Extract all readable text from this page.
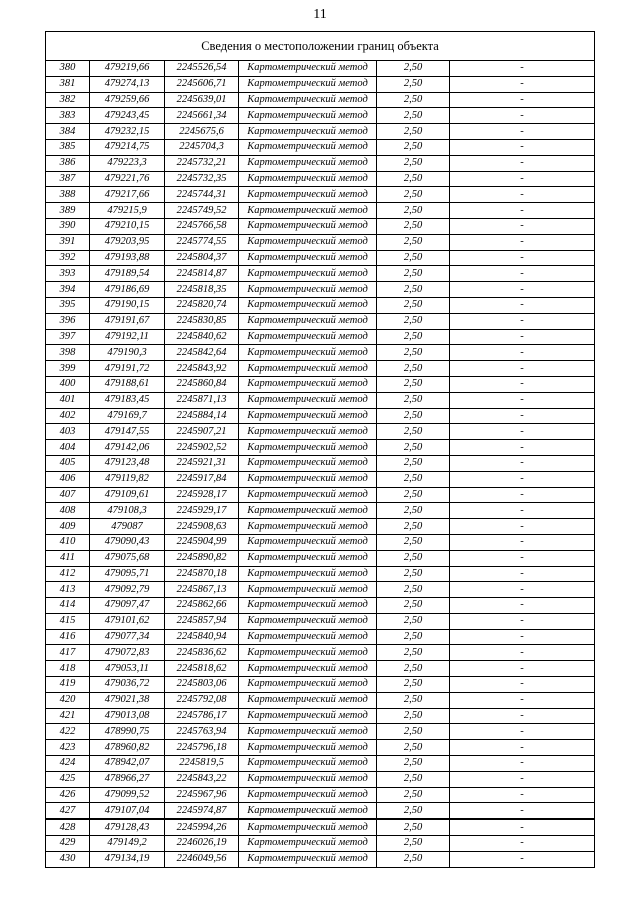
11
Сведения о местоположении границ объекта					
380	479219,66	2245526,54	Картометрический метод	2,50	-
381	479274,13	2245606,71	Картометрический метод	2,50	-
382	479259,66	2245639,01	Картометрический метод	2,50	-
383	479243,45	2245661,34	Картометрический метод	2,50	-
384	479232,15	2245675,6	Картометрический метод	2,50	-
385	479214,75	2245704,3	Картометрический метод	2,50	-
386	479223,3	2245732,21	Картометрический метод	2,50	-
387	479221,76	2245732,35	Картометрический метод	2,50	-
388	479217,66	2245744,31	Картометрический метод	2,50	-
389	479215,9	2245749,52	Картометрический метод	2,50	-
390	479210,15	2245766,58	Картометрический метод	2,50	-
391	479203,95	2245774,55	Картометрический метод	2,50	-
392	479193,88	2245804,37	Картометрический метод	2,50	-
393	479189,54	2245814,87	Картометрический метод	2,50	-
394	479186,69	2245818,35	Картометрический метод	2,50	-
395	479190,15	2245820,74	Картометрический метод	2,50	-
396	479191,67	2245830,85	Картометрический метод	2,50	-
397	479192,11	2245840,62	Картометрический метод	2,50	-
398	479190,3	2245842,64	Картометрический метод	2,50	-
399	479191,72	2245843,92	Картометрический метод	2,50	-
400	479188,61	2245860,84	Картометрический метод	2,50	-
401	479183,45	2245871,13	Картометрический метод	2,50	-
402	479169,7	2245884,14	Картометрический метод	2,50	-
403	479147,55	2245907,21	Картометрический метод	2,50	-
404	479142,06	2245902,52	Картометрический метод	2,50	-
405	479123,48	2245921,31	Картометрический метод	2,50	-
406	479119,82	2245917,84	Картометрический метод	2,50	-
407	479109,61	2245928,17	Картометрический метод	2,50	-
408	479108,3	2245929,17	Картометрический метод	2,50	-
409	479087	2245908,63	Картометрический метод	2,50	-
410	479090,43	2245904,99	Картометрический метод	2,50	-
411	479075,68	2245890,82	Картометрический метод	2,50	-
412	479095,71	2245870,18	Картометрический метод	2,50	-
413	479092,79	2245867,13	Картометрический метод	2,50	-
414	479097,47	2245862,66	Картометрический метод	2,50	-
415	479101,62	2245857,94	Картометрический метод	2,50	-
416	479077,34	2245840,94	Картометрический метод	2,50	-
417	479072,83	2245836,62	Картометрический метод	2,50	-
418	479053,11	2245818,62	Картометрический метод	2,50	-
419	479036,72	2245803,06	Картометрический метод	2,50	-
420	479021,38	2245792,08	Картометрический метод	2,50	-
421	479013,08	2245786,17	Картометрический метод	2,50	-
422	478990,75	2245763,94	Картометрический метод	2,50	-
423	478960,82	2245796,18	Картометрический метод	2,50	-
424	478942,07	2245819,5	Картометрический метод	2,50	-
425	478966,27	2245843,22	Картометрический метод	2,50	-
426	479099,52	2245967,96	Картометрический метод	2,50	-
427	479107,04	2245974,87	Картометрический метод	2,50	-
428	479128,43	2245994,26	Картометрический метод	2,50	-
429	479149,2	2246026,19	Картометрический метод	2,50	-
430	479134,19	2246049,56	Картометрический метод	2,50	-
